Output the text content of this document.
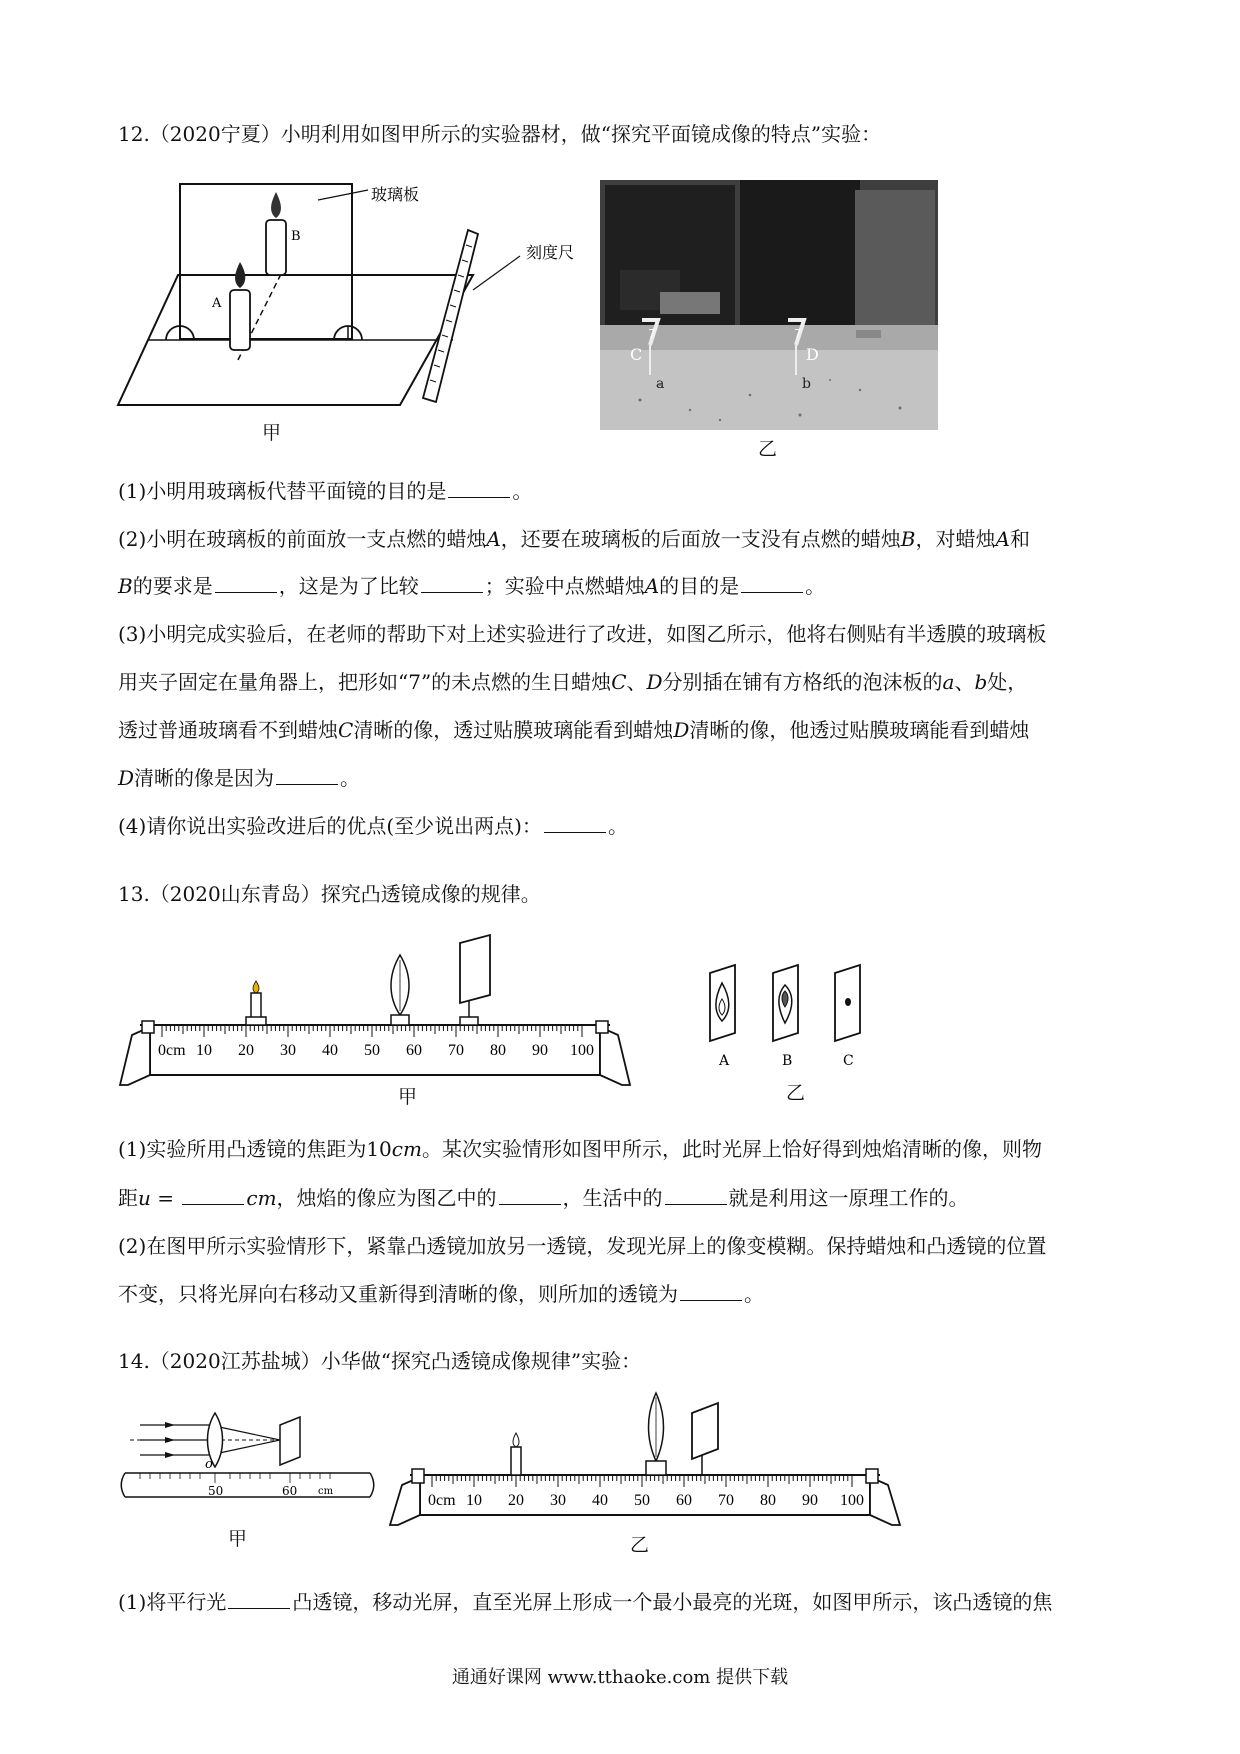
12.（2020宁夏）小明利用如图甲所示的实验器材，做“探究平面镜成像的特点”实验：
A
B
玻璃板
刻度尺
甲
7	7
C	D
a	b
乙
(1)小明用玻璃板代替平面镜的目的是	。
(2)小明在玻璃板的前面放一支点燃的蜡烛A，还要在玻璃板的后面放一支没有点燃的蜡烛B，对蜡烛A和
B的要求是	，这是为了比较	；实验中点燃蜡烛A的目的是	。
(3)小明完成实验后，在老师的帮助下对上述实验进行了改进，如图乙所示，他将右侧贴有半透膜的玻璃板
用夹子固定在量角器上，把形如“7”的未点燃的生日蜡烛C、D分别插在铺有方格纸的泡沫板的a、b处，
透过普通玻璃看不到蜡烛C清晰的像，透过贴膜玻璃能看到蜡烛D清晰的像，他透过贴膜玻璃能看到蜡烛
D清晰的像是因为	。
(4)请你说出实验改进后的优点(至少说出两点)：	。
13.（2020山东青岛）探究凸透镜成像的规律。
0cm 10 20 30 40 50 60 70 80 90 100
甲
A	B	C
乙
(1)实验所用凸透镜的焦距为10cm。某次实验情形如图甲所示，此时光屏上恰好得到烛焰清晰的像，则物
距u =	cm，烛焰的像应为图乙中的	，生活中的	就是利用这一原理工作的。
(2)在图甲所示实验情形下，紧靠凸透镜加放另一透镜，发现光屏上的像变模糊。保持蜡烛和凸透镜的位置
不变，只将光屏向右移动又重新得到清晰的像，则所加的透镜为	。
14.（2020江苏盐城）小华做“探究凸透镜成像规律”实验：
o
50	60 cm
甲
0cm 10 20 30 40 50 60 70 80 90 100
乙
(1)将平行光	凸透镜，移动光屏，直至光屏上形成一个最小最亮的光斑，如图甲所示，该凸透镜的焦
通通好课网 www.tthaoke.com 提供下载
